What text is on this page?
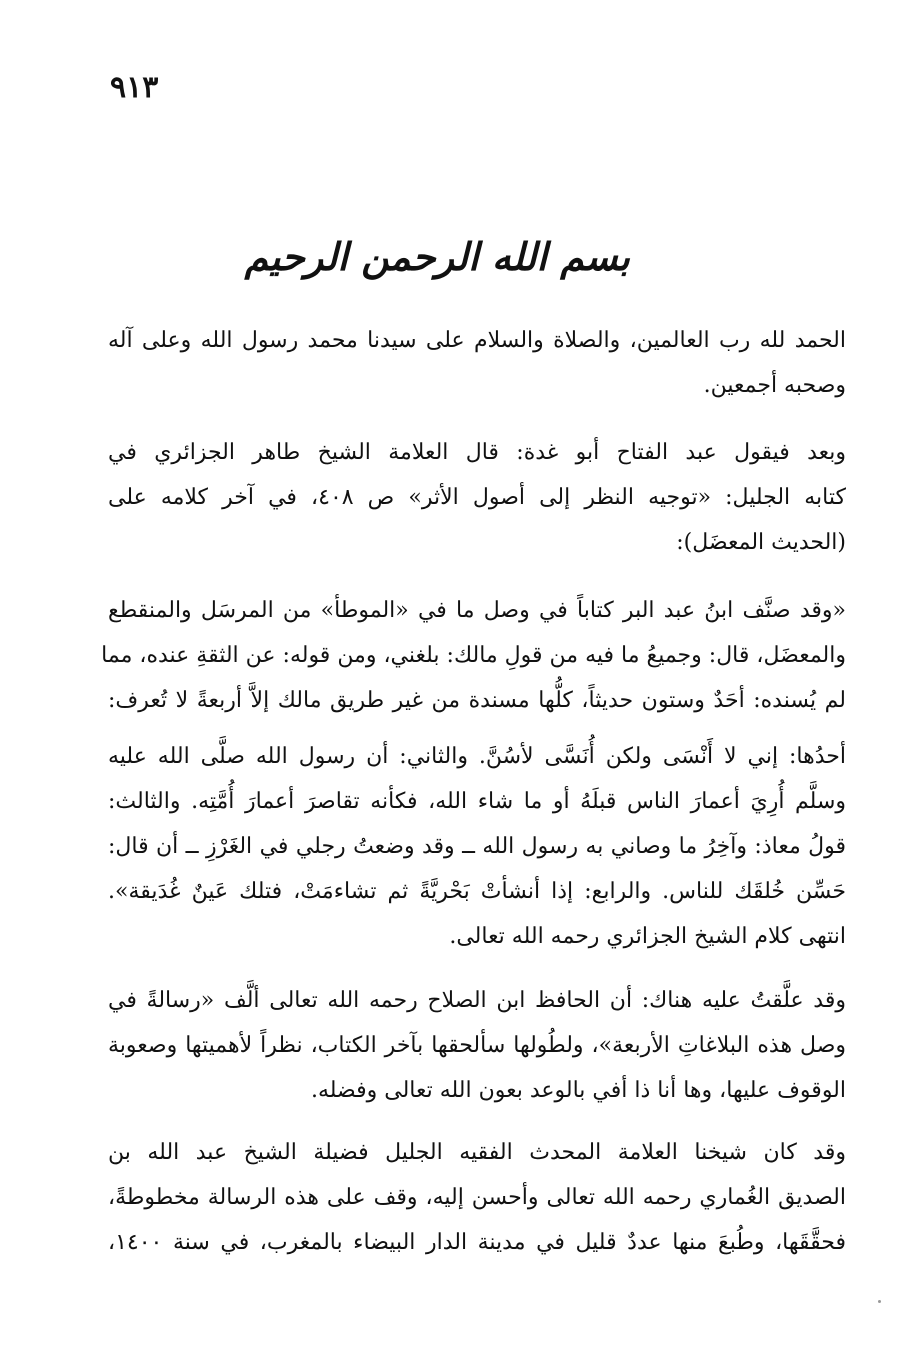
٩١٣
بسم الله الرحمن الرحيم
الحمد لله رب العالمين، والصلاة والسلام على سيدنا محمد رسول الله وعلى آله
وصحبه أجمعين.
وبعد فيقول عبد الفتاح أبو غدة: قال العلامة الشيخ طاهر الجزائري في
كتابه الجليل: «توجيه النظر إلى أصول الأثر» ص ٤٠٨، في آخر كلامه على
(الحديث المعضَل):
«وقد صنَّف ابنُ عبد البر كتاباً في وصل ما في «الموطأ» من المرسَل والمنقطع
والمعضَل، قال: وجميعُ ما فيه من قولِ مالك: بلغني، ومن قوله: عن الثقةِ عنده، مما
لم يُسنده: أحَدٌ وستون حديثاً، كلُّها مسندة من غير طريق مالك إلاَّ أربعةً لا تُعرف:
أحدُها: إني لا أَنْسَى ولكن أُنَسَّى لأسُنَّ. والثاني: أن رسول الله صلَّى الله عليه
وسلَّم أُرِيَ أعمارَ الناس قبلَهُ أو ما شاء الله، فكأنه تقاصرَ أعمارَ أُمَّتِه. والثالث:
قولُ معاذ: وآخِرُ ما وصاني به رسول الله ــ وقد وضعتُ رجلي في الغَرْزِ ــ أن قال:
حَسِّن خُلقَك للناس. والرابع: إذا أنشأتْ بَحْريَّةً ثم تشاءمَتْ، فتلك عَينٌ غُدَيقة».
انتهى كلام الشيخ الجزائري رحمه الله تعالى.
وقد علَّقتُ عليه هناك: أن الحافظ ابن الصلاح رحمه الله تعالى ألَّف «رسالةً في
وصل هذه البلاغاتِ الأربعة»، ولطُولها سألحقها بآخر الكتاب، نظراً لأهميتها وصعوبة
الوقوف عليها، وها أنا ذا أفي بالوعد بعون الله تعالى وفضله.
وقد كان شيخنا العلامة المحدث الفقيه الجليل فضيلة الشيخ عبد الله بن
الصديق الغُماري رحمه الله تعالى وأحسن إليه، وقف على هذه الرسالة مخطوطةً،
فحقَّقَها، وطُبعَ منها عددٌ قليل في مدينة الدار البيضاء بالمغرب، في سنة ١٤٠٠،
